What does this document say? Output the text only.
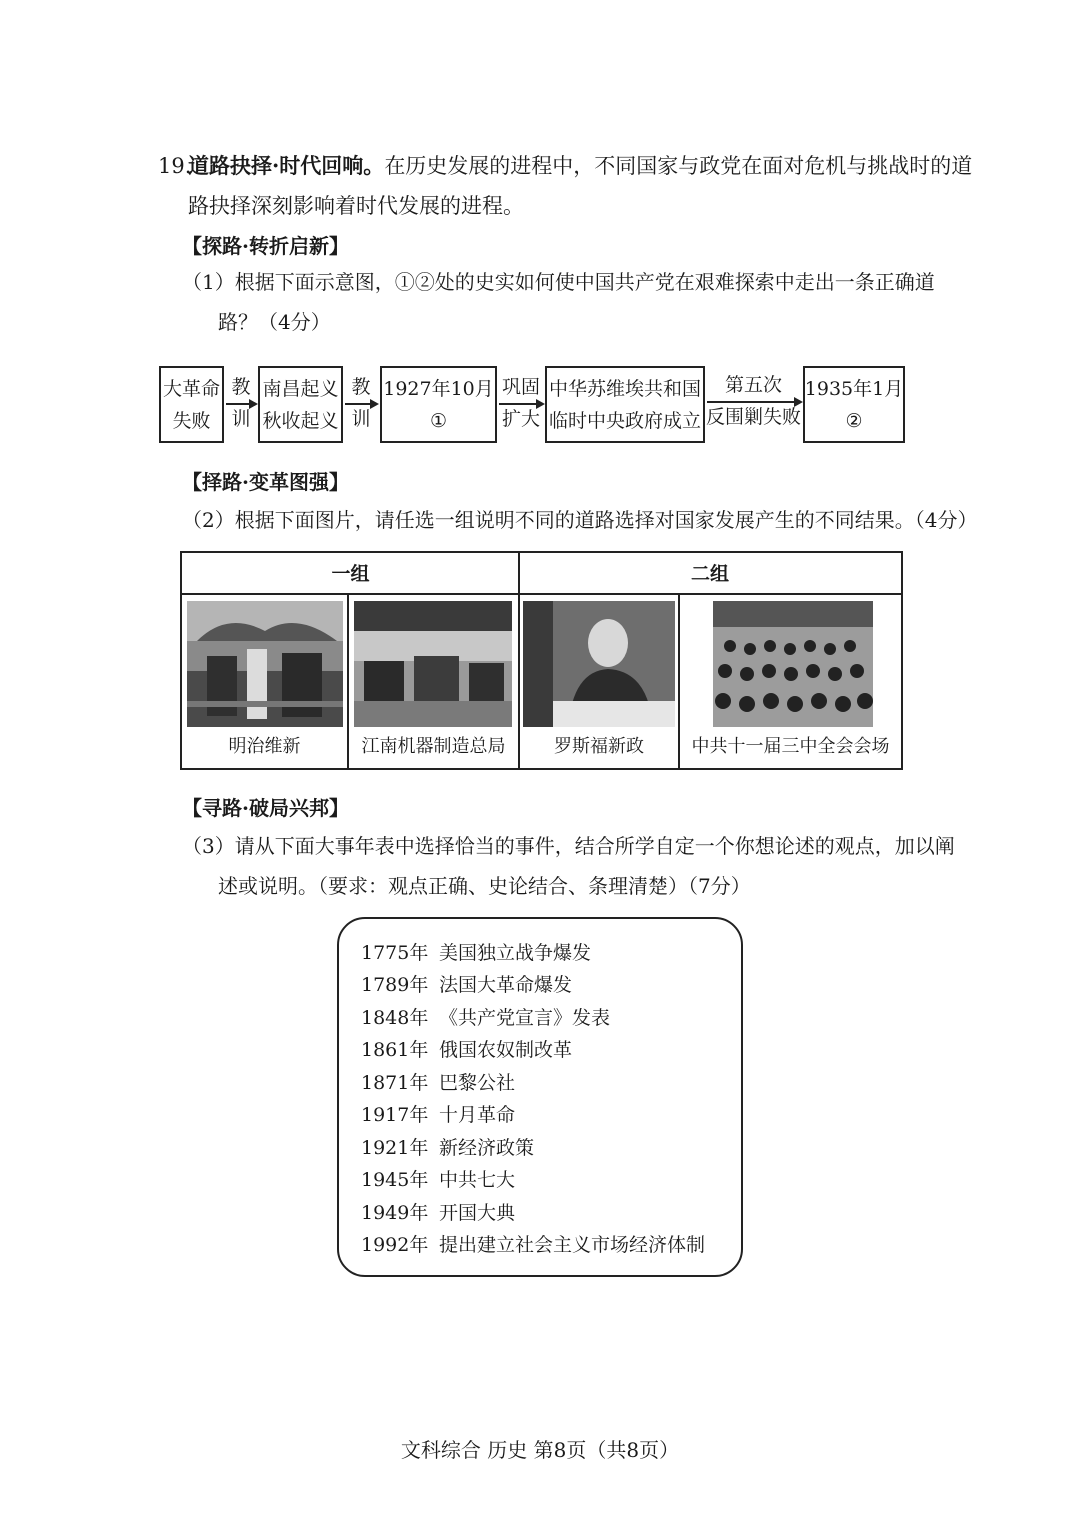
19.
道路抉择·时代回响。在历史发展的进程中，不同国家与政党在面对危机与挑战时的道
路抉择深刻影响着时代发展的进程。
【探路·转折启新】
（1）根据下面示意图，①②处的史实如何使中国共产党在艰难探索中走出一条正确道
路？（4分）
大革命
失败
教
训
南昌起义
秋收起义
教
训
1927年10月
①
巩固
扩大
中华苏维埃共和国
临时中央政府成立
第五次
反围剿失败
1935年1月
②
【择路·变革图强】
（2）根据下面图片，请任选一组说明不同的道路选择对国家发展产生的不同结果。（4分）
一组	二组
明治维新	江南机器制造总局	罗斯福新政	中共十一届三中全会会场
【寻路·破局兴邦】
（3）请从下面大事年表中选择恰当的事件，结合所学自定一个你想论述的观点，加以阐
述或说明。（要求：观点正确、史论结合、条理清楚）（7分）
1775年 美国独立战争爆发
1789年 法国大革命爆发
1848年 《共产党宣言》发表
1861年 俄国农奴制改革
1871年 巴黎公社
1917年 十月革命
1921年 新经济政策
1945年 中共七大
1949年 开国大典
1992年 提出建立社会主义市场经济体制
文科综合 历史 第8页（共8页）
